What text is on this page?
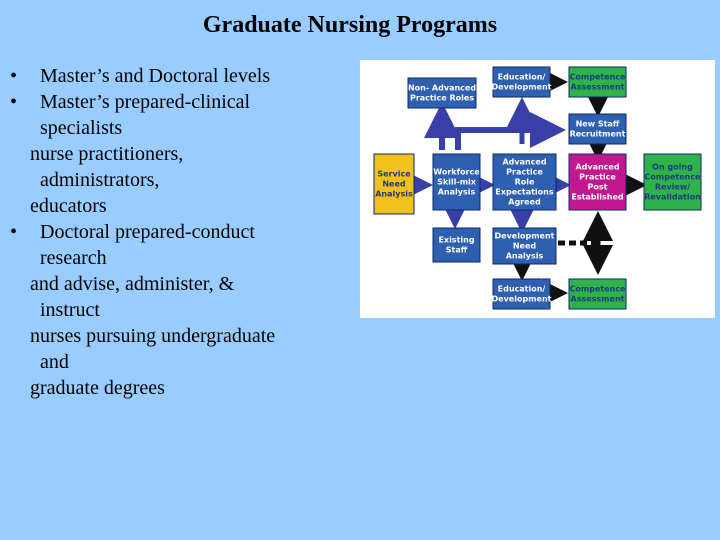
Graduate Nursing Programs
• Master’s and Doctoral levels
• Master’s prepared-clinical
specialists
nurse practitioners,
administrators,
educators
• Doctoral prepared-conduct
research
and advise, administer, &
instruct
nurses pursuing undergraduate
and
graduate degrees
Non- Advanced
Practice Roles
Education/
Development
Competence
Assessment
New Staff
Recruitment
Service
Need
Analysis
Workforce
Skill-mix
Analysis
Advanced
Practice
Role
Expectations
Agreed
Advanced
Practice
Post
Established
On going
Competence
Review/
Revalidation
Existing
Staff
Development
Need
Analysis
Education/
Development
Competence
Assessment
